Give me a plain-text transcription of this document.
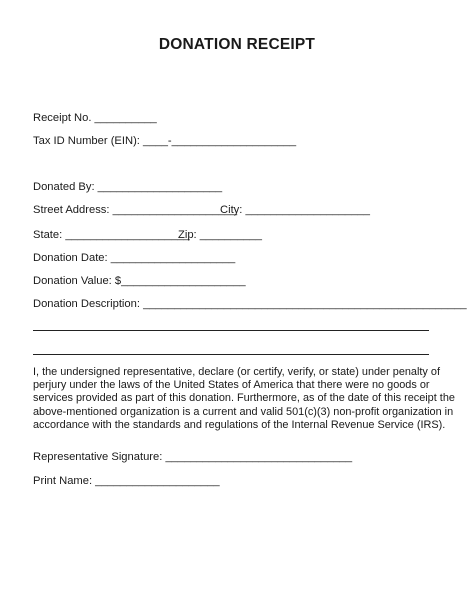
DONATION RECEIPT
Receipt No. __________
Tax ID Number (EIN): ____-____________________
Donated By: ____________________
Street Address: ____________________
City: ____________________
State: ____________________
Zip: __________
Donation Date: ____________________
Donation Value: $____________________
Donation Description: ____________________________________________________
I, the undersigned representative, declare (or certify, verify, or state) under penalty of
perjury under the laws of the United States of America that there were no goods or
services provided as part of this donation. Furthermore, as of the date of this receipt the
above-mentioned organization is a current and valid 501(c)(3) non-profit organization in
accordance with the standards and regulations of the Internal Revenue Service (IRS).
Representative Signature: ______________________________
Print Name: ____________________
